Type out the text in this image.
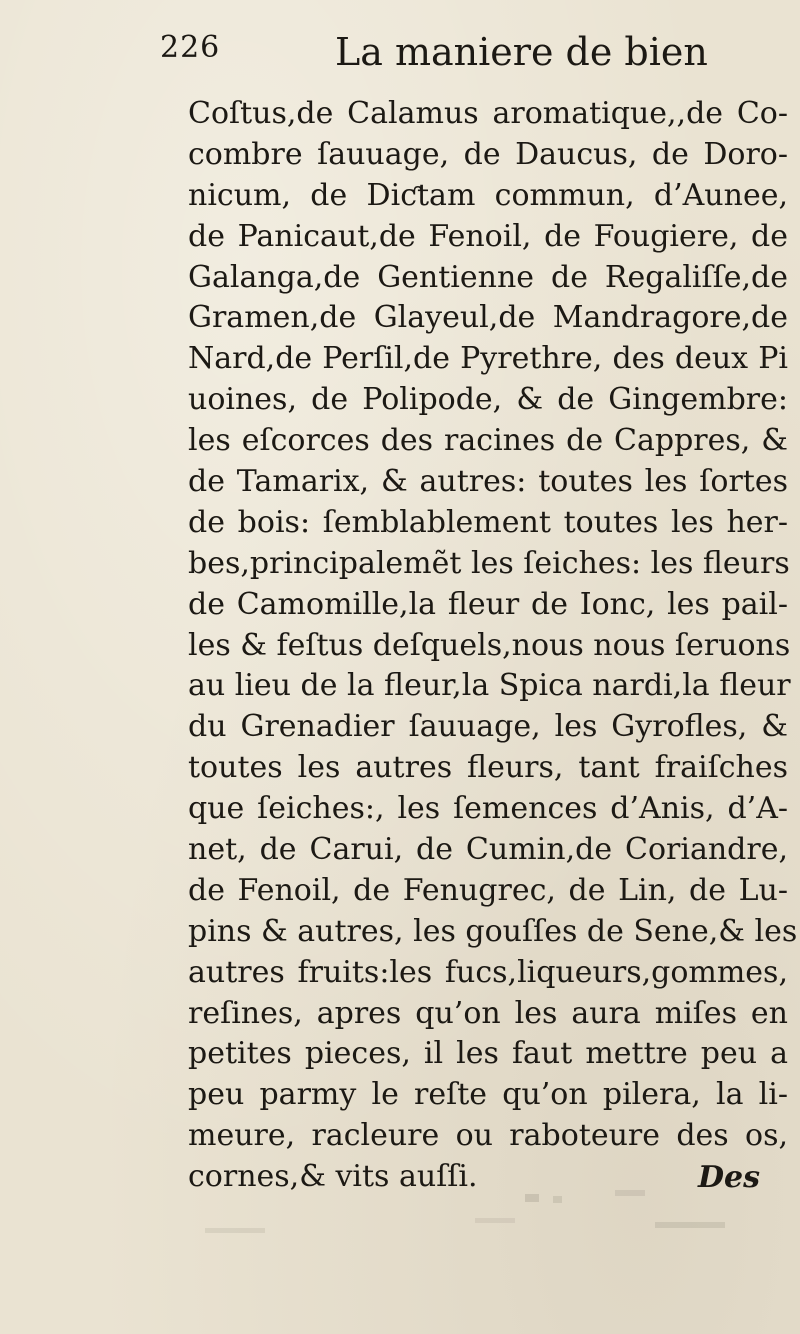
226	La maniere de bien
Coſtus,de Calamus aromatique,,de Co-
combre ſauuage, de Daucus, de Doro-
nicum, de Diƈtam commun, d’Aunee,
de Panicaut,de Fenoil, de Fougiere, de
Galanga,de Gentienne de Regaliſſe,de
Gramen,de Glayeul,de Mandragore,de
Nard,de Perſil,de Pyrethre, des deux Pi
uoines, de Polipode, & de Gingembre:
les eſcorces des racines de Cappres, &
de Tamarix, & autres: toutes les ſortes
de bois: ſemblablement toutes les her-
bes,principalemẽt les ſeiches: les fleurs
de Camomille,la fleur de Ionc, les pail-
les & feſtus deſquels,nous nous ſeruons
au lieu de la fleur,la Spica nardi,la fleur
du Grenadier ſauuage, les Gyrofles, &
toutes les autres fleurs, tant fraiſches
que ſeiches:, les ſemences d’Anis, d’A-
net, de Carui, de Cumin,de Coriandre,
de Fenoil, de Fenugrec, de Lin, de Lu-
pins & autres, les gouſſes de Sene,& les
autres fruits:les fucs,liqueurs,gommes,
reſines, apres qu’on les aura miſes en
petites pieces, il les faut mettre peu a
peu parmy le reſte qu’on pilera, la li-
meure, racleure ou raboteure des os,
cornes,& vits auſſi.	Des
